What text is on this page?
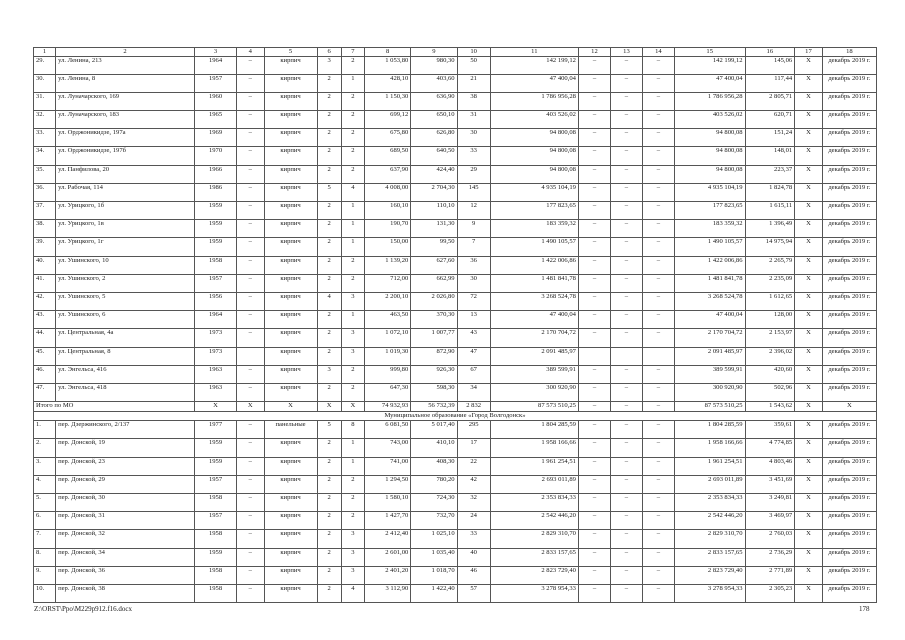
1	2	3	4	5	6	7	8	9	10	11	12	13	14	15	16	17	18
29.	ул. Ленина, 213	1964	–	кирпич	3	2	1 053,80	980,30	50	142 199,12	–	–	–	142 199,12	145,06	X	декабрь 2019 г.
30.	ул. Ленина, 8	1957	–	кирпич	2	1	428,10	403,60	21	47 400,04	–	–	–	47 400,04	117,44	X	декабрь 2019 г.
31.	ул. Луначарского, 169	1960	–	кирпич	2	2	1 150,30	636,90	38	1 786 956,28	–	–	–	1 786 956,28	2 805,71	X	декабрь 2019 г.
32.	ул. Луначарского, 183	1965	–	кирпич	2	2	699,12	650,10	31	403 526,02	–	–	–	403 526,02	620,71	X	декабрь 2019 г.
33.	ул. Орджоникидзе, 197а	1969	–	кирпич	2	2	675,80	626,80	30	94 800,08	–	–	–	94 800,08	151,24	X	декабрь 2019 г.
34.	ул. Орджоникидзе, 197б	1970	–	кирпич	2	2	689,50	640,50	33	94 800,08	–	–	–	94 800,08	148,01	X	декабрь 2019 г.
35.	ул. Панфилова, 20	1966	–	кирпич	2	2	637,90	424,40	29	94 800,08	–	–	–	94 800,08	223,37	X	декабрь 2019 г.
36.	ул. Рабочая, 114	1986	–	кирпич	5	4	4 008,00	2 704,30	145	4 935 104,19	–	–	–	4 935 104,19	1 824,78	X	декабрь 2019 г.
37.	ул. Урицкого, 1б	1959	–	кирпич	2	1	160,10	110,10	12	177 823,65	–	–	–	177 823,65	1 615,11	X	декабрь 2019 г.
38.	ул. Урицкого, 1в	1959	–	кирпич	2	1	190,70	131,30	9	183 359,32	–	–	–	183 359,32	1 396,49	X	декабрь 2019 г.
39.	ул. Урицкого, 1г	1959	–	кирпич	2	1	150,00	99,50	7	1 490 105,57	–	–	–	1 490 105,57	14 975,94	X	декабрь 2019 г.
40.	ул. Ушинского, 10	1958	–	кирпич	2	2	1 139,20	627,60	36	1 422 006,86	–	–	–	1 422 006,86	2 265,79	X	декабрь 2019 г.
41.	ул. Ушинского, 2	1957	–	кирпич	2	2	712,00	662,99	30	1 481 841,78	–	–	–	1 481 841,78	2 235,09	X	декабрь 2019 г.
42.	ул. Ушинского, 5	1956	–	кирпич	4	3	2 200,10	2 026,80	72	3 268 524,78	–	–	–	3 268 524,78	1 612,65	X	декабрь 2019 г.
43.	ул. Ушинского, 6	1964	–	кирпич	2	1	463,50	370,30	13	47 400,04	–	–	–	47 400,04	128,00	X	декабрь 2019 г.
44.	ул. Центральная, 4а	1973	–	кирпич	2	3	1 072,10	1 007,77	43	2 170 704,72	–	–	–	2 170 704,72	2 153,97	X	декабрь 2019 г.
45.	ул. Центральная, 8	1973		кирпич	2	3	1 019,30	872,90	47	2 091 485,97				2 091 485,97	2 396,02	X	декабрь 2019 г.
46.	ул. Энгельса, 416	1963	–	кирпич	3	2	999,80	926,30	67	389 599,91	–	–	–	389 599,91	420,60	X	декабрь 2019 г.
47.	ул. Энгельса, 418	1963	–	кирпич	2	2	647,30	598,30	34	300 920,90	–	–	–	300 920,90	502,96	X	декабрь 2019 г.
Итого по МО		X	X	X	X	X	74 932,93	56 732,39	2 832	87 573 510,25	–	–	–	87 573 510,25	1 543,62	X	X
Муниципальное образование «Город Волгодонск»																	
1.	пер. Дзержинского, 2/137	1977	–	панельные	5	8	6 081,50	5 017,40	295	1 804 285,59	–	–	–	1 804 285,59	359,61	X	декабрь 2019 г.
2.	пер. Донской, 19	1959	–	кирпич	2	1	743,00	410,10	17	1 958 166,66	–	–	–	1 958 166,66	4 774,85	X	декабрь 2019 г.
3.	пер. Донской, 23	1959	–	кирпич	2	1	741,00	408,30	22	1 961 254,51	–	–	–	1 961 254,51	4 803,46	X	декабрь 2019 г.
4.	пер. Донской, 29	1957	–	кирпич	2	2	1 294,50	780,20	42	2 693 011,89	–	–	–	2 693 011,89	3 451,69	X	декабрь 2019 г.
5.	пер. Донской, 30	1958	–	кирпич	2	2	1 580,10	724,30	32	2 353 834,33	–	–	–	2 353 834,33	3 249,81	X	декабрь 2019 г.
6.	пер. Донской, 31	1957	–	кирпич	2	2	1 427,70	732,70	24	2 542 446,20	–	–	–	2 542 446,20	3 469,97	X	декабрь 2019 г.
7.	пер. Донской, 32	1958	–	кирпич	2	3	2 412,40	1 025,10	33	2 829 310,70	–	–	–	2 829 310,70	2 760,03	X	декабрь 2019 г.
8.	пер. Донской, 34	1959	–	кирпич	2	3	2 601,00	1 035,40	40	2 833 157,65	–	–	–	2 833 157,65	2 736,29	X	декабрь 2019 г.
9.	пер. Донской, 36	1958	–	кирпич	2	3	2 401,20	1 018,70	46	2 823 729,40	–	–	–	2 823 729,40	2 771,89	X	декабрь 2019 г.
10.	пер. Донской, 38	1958	–	кирпич	2	4	3 112,90	1 422,40	57	3 278 954,33	–	–	–	3 278 954,33	2 305,23	X	декабрь 2019 г.
Z:\ORST\Ppo\M229p912.f16.docx	178
